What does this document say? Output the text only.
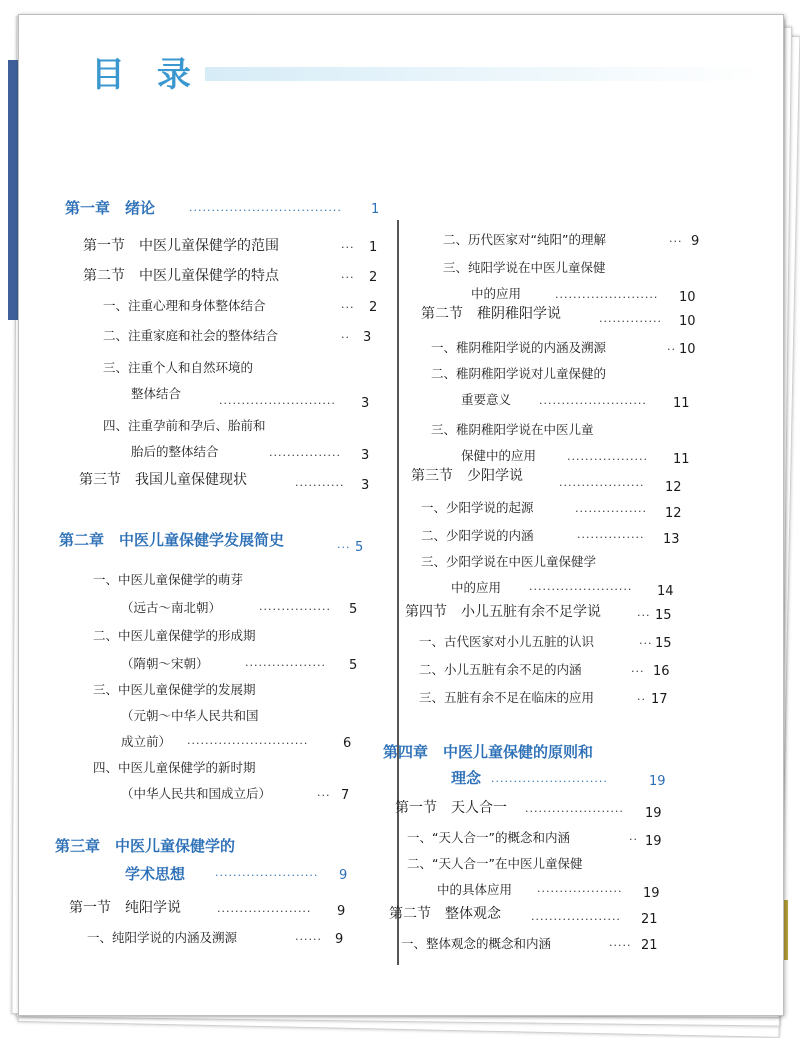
目 录
第一章　绪论	··································	1
第一节　中医儿童保健学的范围	···	1
第二节　中医儿童保健学的特点	···	2
一、注重心理和身体整体结合	···	2
二、注重家庭和社会的整体结合	··	3
三、注重个人和自然环境的
整体结合
··························	3
四、注重孕前和孕后、胎前和
胎后的整体结合	················	3
第三节　我国儿童保健现状	···········	3
第二章　中医儿童保健学发展简史	··· 5
一、中医儿童保健学的萌芽
（远古～南北朝）	················	5
二、中医儿童保健学的形成期
（隋朝～宋朝）	··················	5
三、中医儿童保健学的发展期
（元朝～中华人民共和国
成立前） ···························	6
四、中医儿童保健学的新时期
（中华人民共和国成立后）	··· 7
第三章　中医儿童保健学的
学术思想	·······················	9
第一节　纯阳学说	·····················	9
一、纯阳学说的内涵及溯源	······	9
二、历代医家对“纯阳”的理解	··· 9
三、纯阳学说在中医儿童保健
中的应用	·······················	10
第二节　稚阴稚阳学说	··············	10
一、稚阴稚阳学说的内涵及溯源	·· 10
二、稚阴稚阳学说对儿童保健的
重要意义	························	11
三、稚阴稚阳学说在中医儿童
保健中的应用	··················	11
第三节　少阳学说
···················	12
一、少阳学说的起源	················	12
二、少阳学说的内涵	···············	13
三、少阳学说在中医儿童保健学
中的应用	·······················	14
第四节　小儿五脏有余不足学说	··· 15
一、古代医家对小儿五脏的认识	··· 15
二、小儿五脏有余不足的内涵	··· 16
三、五脏有余不足在临床的应用	·· 17
第四章　中医儿童保健的原则和
理念 ··························	19
第一节　天人合一 ······················	19
一、“天人合一”的概念和内涵	·· 19
二、“天人合一”在中医儿童保健
中的具体应用 ···················	19
第二节　整体观念	····················	21
一、整体观念的概念和内涵	····· 21
